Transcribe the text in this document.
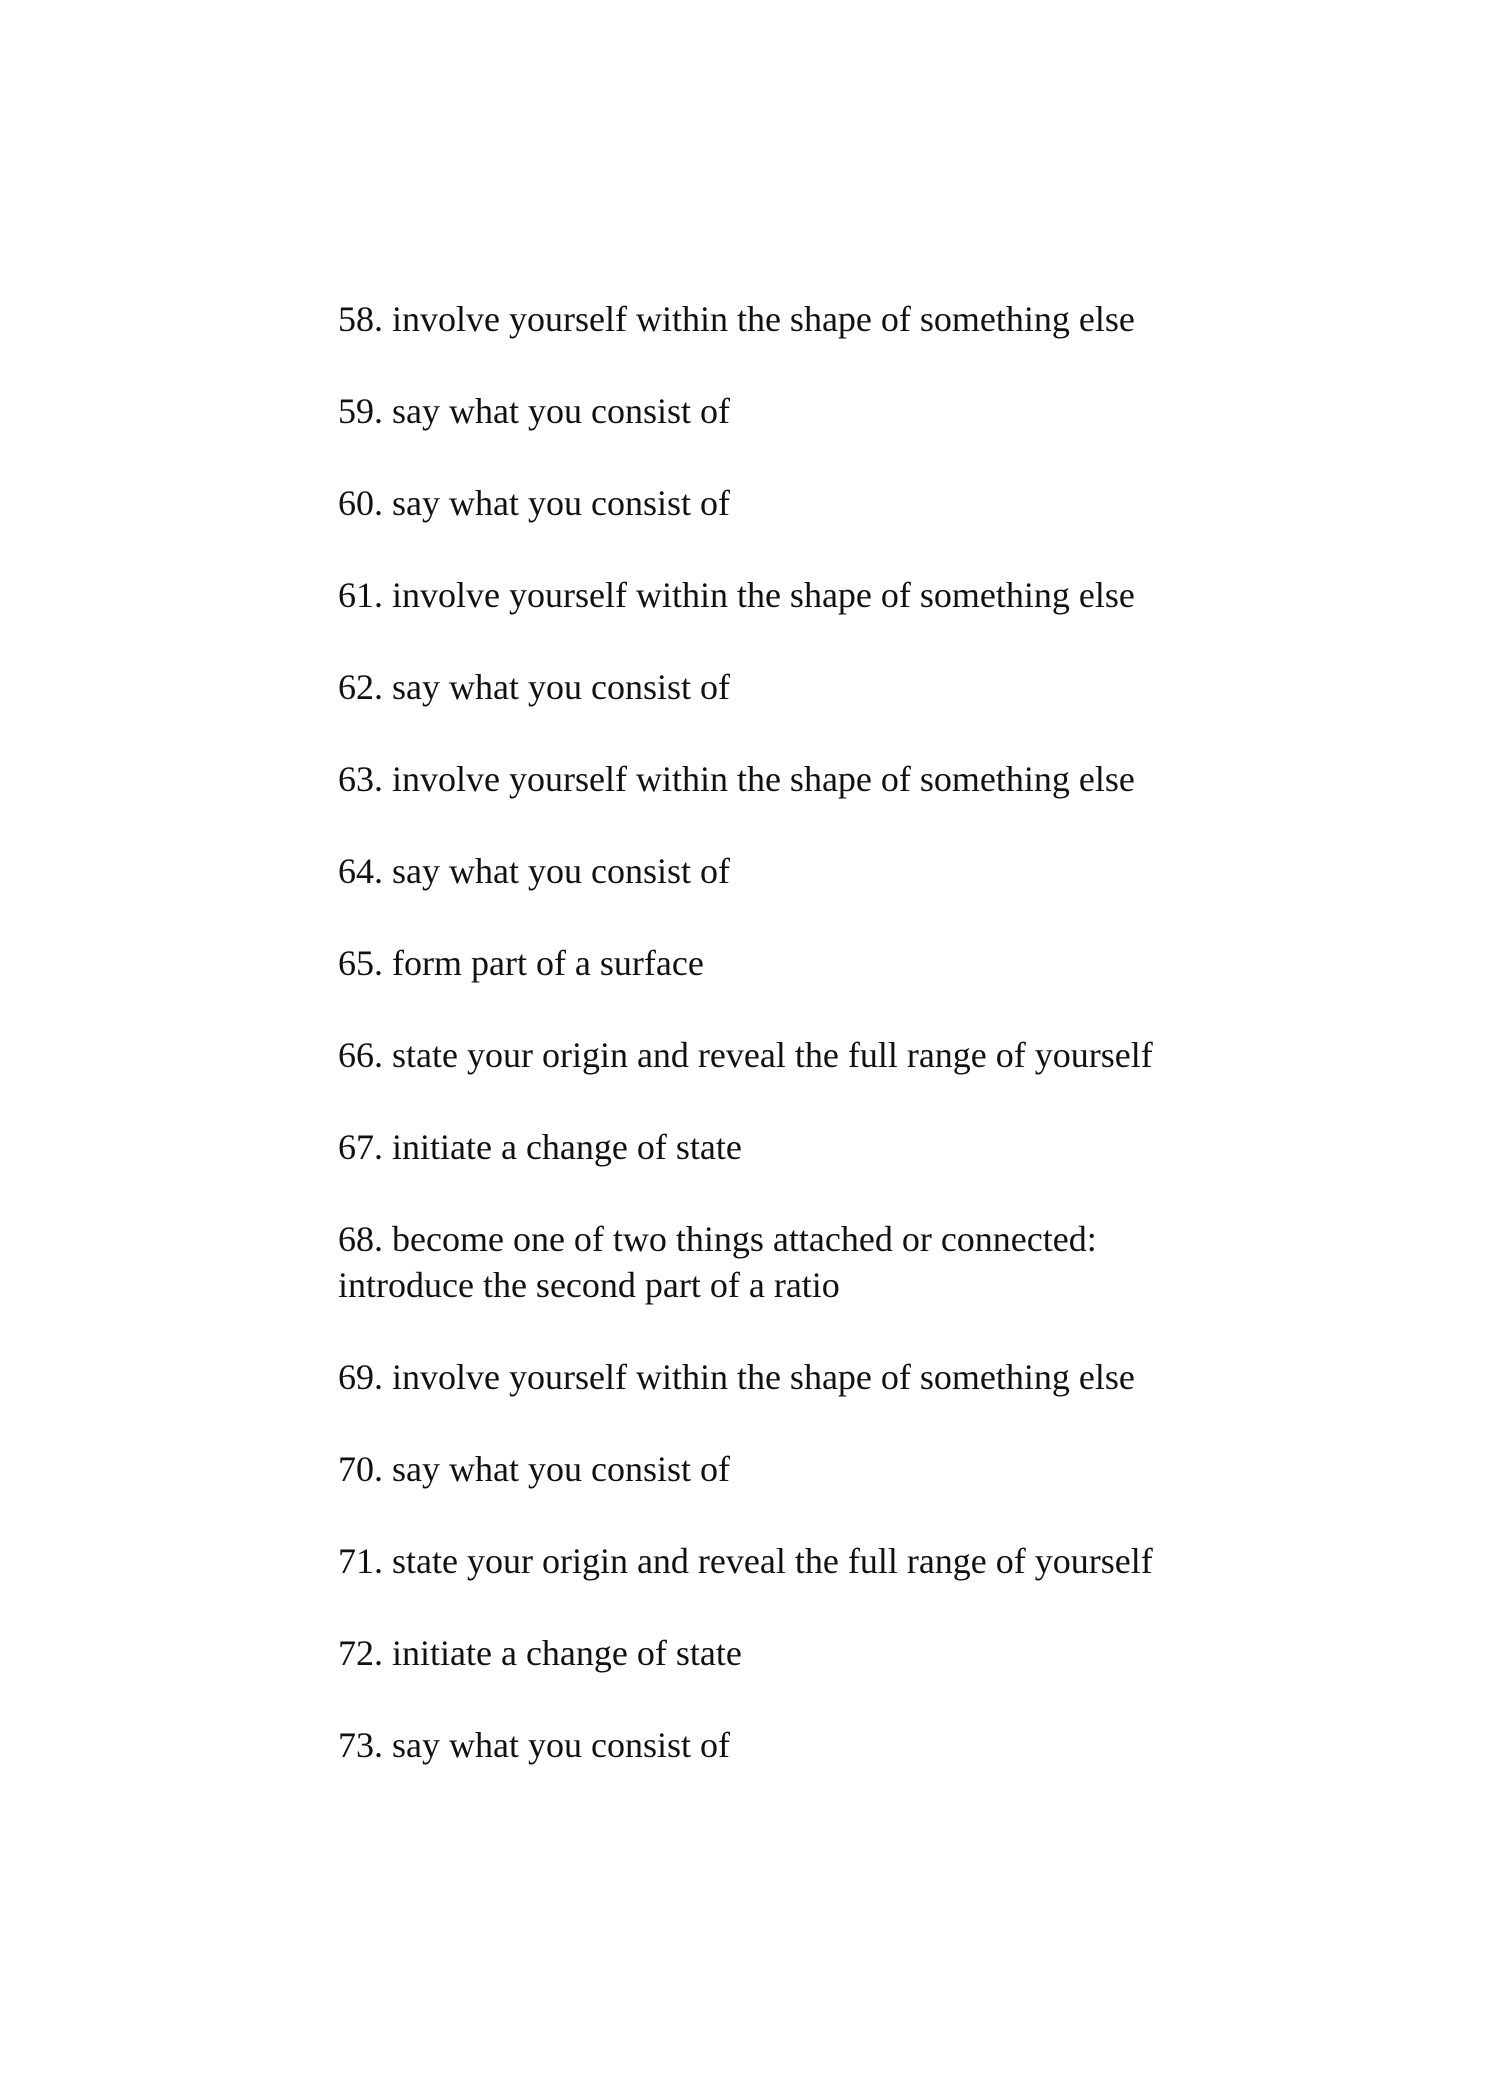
58. involve yourself within the shape of something else
59. say what you consist of
60. say what you consist of
61. involve yourself within the shape of something else
62. say what you consist of
63. involve yourself within the shape of something else
64. say what you consist of
65. form part of a surface
66. state your origin and reveal the full range of yourself
67. initiate a change of state
68. become one of two things attached or connected:
introduce the second part of a ratio
69. involve yourself within the shape of something else
70. say what you consist of
71. state your origin and reveal the full range of yourself
72. initiate a change of state
73. say what you consist of
